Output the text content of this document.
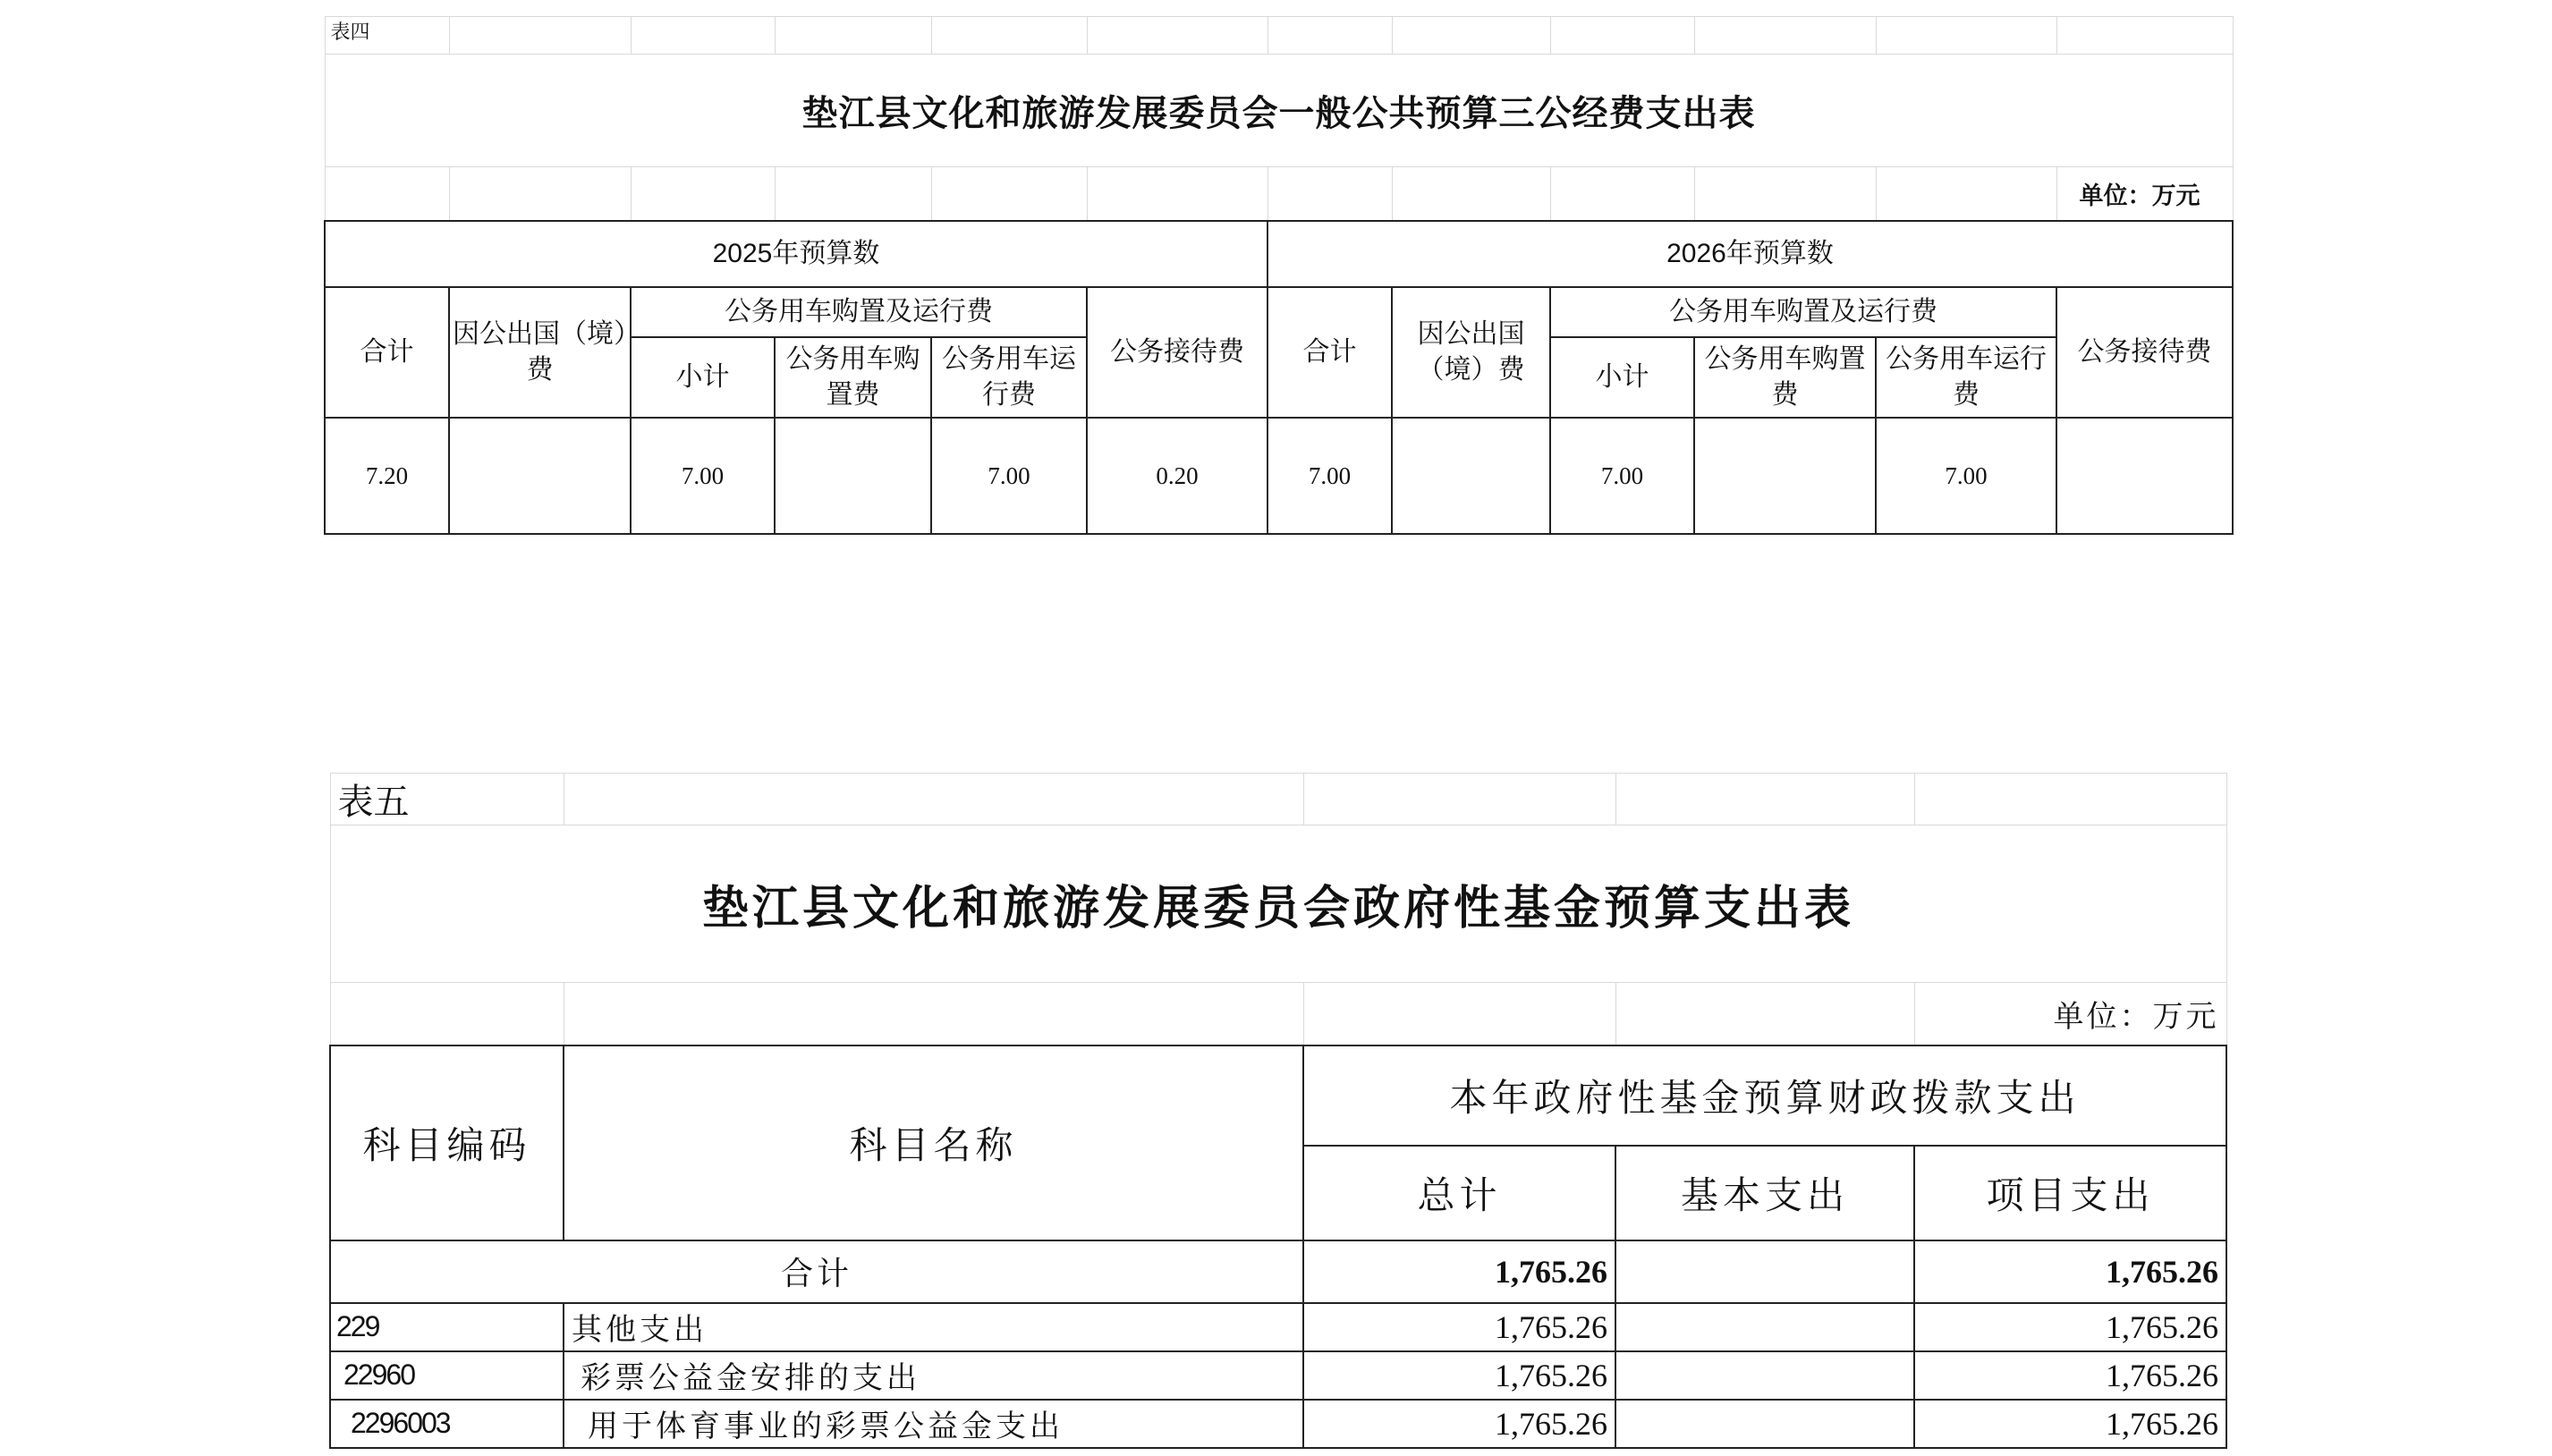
表四											
垫江县文化和旅游发展委员会一般公共预算三公经费支出表											
											单位：万元
2025年预算数						2026年预算数					
合计	因公出国（境）费	公务用车购置及运行费			公务接待费	合计	因公出国（境）费	公务用车购置及运行费			公务接待费
		小计	公务用车购置费	公务用车运行费				小计	公务用车购置费	公务用车运行费	
7.20		7.00		7.00	0.20	7.00		7.00		7.00	
表五				
垫江县文化和旅游发展委员会政府性基金预算支出表				
				单位：万元
科目编码	科目名称	本年政府性基金预算财政拨款支出		
		总计	基本支出	项目支出
合计		1,765.26		1,765.26
229	其他支出	1,765.26		1,765.26
22960	彩票公益金安排的支出	1,765.26		1,765.26
2296003	用于体育事业的彩票公益金支出	1,765.26		1,765.26
